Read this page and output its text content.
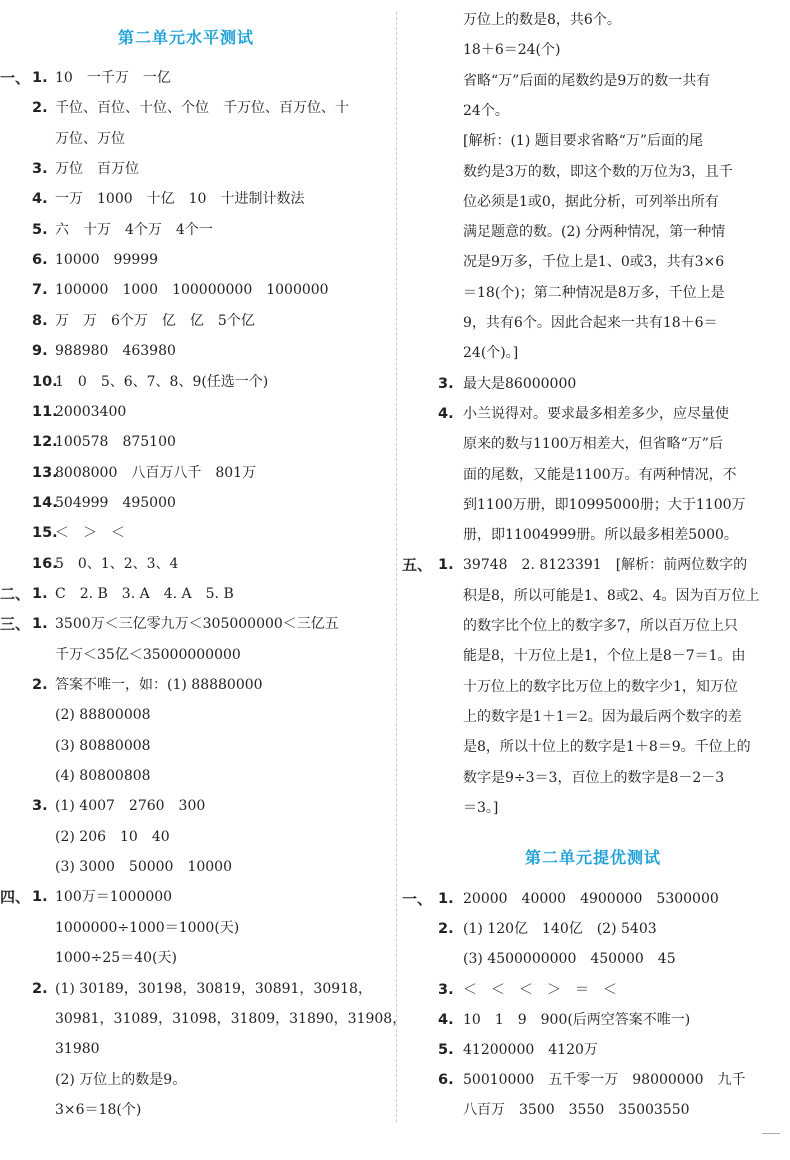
第二单元水平测试
一、 1. 10　一千万　一亿
2. 千位、百位、十位、个位　千万位、百万位、十
万位、万位
3. 万位　百万位
4. 一万　1000　十亿　10　十进制计数法
5. 六　十万　4个万　4个一
6. 10000　99999
7. 100000　1000　100000000　1000000
8. 万　万　6个万　亿　亿　5个亿
9. 988980　463980
10.
1　0　5、6、7、8、9(任选一个)
11.
20003400
12.
100578　875100
13.
8008000　八百万八千　801万
14.
504999　495000
15.
＜　＞　＜
16.
5　0、1、2、3、4
二、 1. C　2. B　3. A　4. A　5. B
三、 1. 3500万＜三亿零九万＜305000000＜三亿五
千万＜35亿＜35000000000
2. 答案不唯一，如：(1) 88880000
(2) 88800008
(3) 80880008
(4) 80800808
3. (1) 4007　2760　300
(2) 206　10　40
(3) 3000　50000　10000
四、 1. 100万＝1000000
1000000÷1000＝1000(天)
1000÷25＝40(天)
2. (1) 30189，30198，30819，30891，30918，
30981，31089，31098，31809，31890，31908，
31980
(2) 万位上的数是9。
3×6＝18(个)
万位上的数是8，共6个。
18＋6＝24(个)
省略“万”后面的尾数约是9万的数一共有
24个。
[解析：(1) 题目要求省略“万”后面的尾
数约是3万的数，即这个数的万位为3，且千
位必须是1或0，据此分析，可列举出所有
满足题意的数。(2) 分两种情况，第一种情
况是9万多，千位上是1、0或3，共有3×6
＝18(个)；第二种情况是8万多，千位上是
9，共有6个。因此合起来一共有18＋6＝
24(个)。]
3. 最大是86000000
4. 小兰说得对。要求最多相差多少，应尽量使
原来的数与1100万相差大，但省略“万”后
面的尾数，又能是1100万。有两种情况，不
到1100万册，即10995000册；大于1100万
册，即11004999册。所以最多相差5000。
五、 1. 39748　2. 8123391　[解析：前两位数字的
积是8，所以可能是1、8或2、4。因为百万位上
的数字比个位上的数字多7，所以百万位上只
能是8，十万位上是1，个位上是8－7＝1。由
十万位上的数字比万位上的数字少1，知万位
上的数字是1＋1＝2。因为最后两个数字的差
是8，所以十位上的数字是1＋8＝9。千位上的
数字是9÷3＝3，百位上的数字是8－2－3
＝3。]
第二单元提优测试
一、 1. 20000　40000　4900000　5300000
2. (1) 120亿　140亿　(2) 5403
(3) 4500000000　450000　45
3. ＜　＜　＜　＞　＝　＜
4. 10　1　9　900(后两空答案不唯一)
5. 41200000　4120万
6. 50010000　五千零一万　98000000　九千
八百万　3500　3550　35003550
